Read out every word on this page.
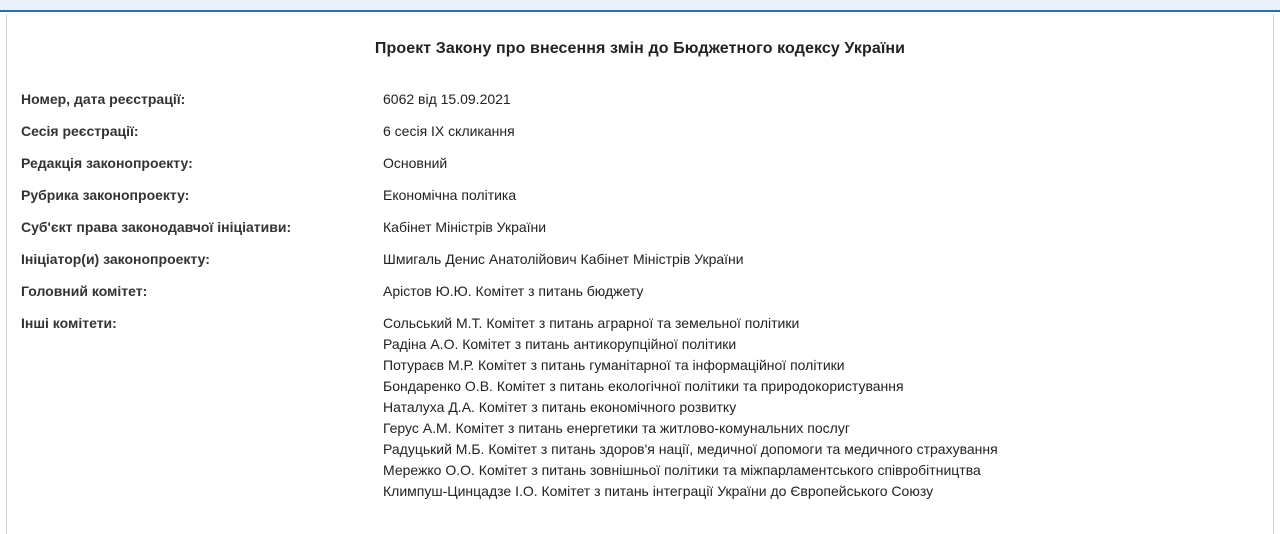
Проект Закону про внесення змін до Бюджетного кодексу України
Номер, дата реєстрації:	6062 від 15.09.2021
Сесія реєстрації:	6 сесія IX скликання
Редакція законопроекту:	Основний
Рубрика законопроекту:	Економічна політика
Суб'єкт права законодавчої ініціативи:	Кабінет Міністрів України
Ініціатор(и) законопроекту:	Шмигаль Денис Анатолійович Кабінет Міністрів України
Головний комітет:	Арістов Ю.Ю. Комітет з питань бюджету
Інші комітети:	Сольський М.Т. Комітет з питань аграрної та земельної політики
Радіна А.О. Комітет з питань антикорупційної політики
Потураєв М.Р. Комітет з питань гуманітарної та інформаційної політики
Бондаренко О.В. Комітет з питань екологічної політики та природокористування
Наталуха Д.А. Комітет з питань економічного розвитку
Герус А.М. Комітет з питань енергетики та житлово-комунальних послуг
Радуцький М.Б. Комітет з питань здоров'я нації, медичної допомоги та медичного страхування
Мережко О.О. Комітет з питань зовнішньої політики та міжпарламентського співробітництва
Климпуш-Цинцадзе І.О. Комітет з питань інтеграції України до Європейського Союзу
